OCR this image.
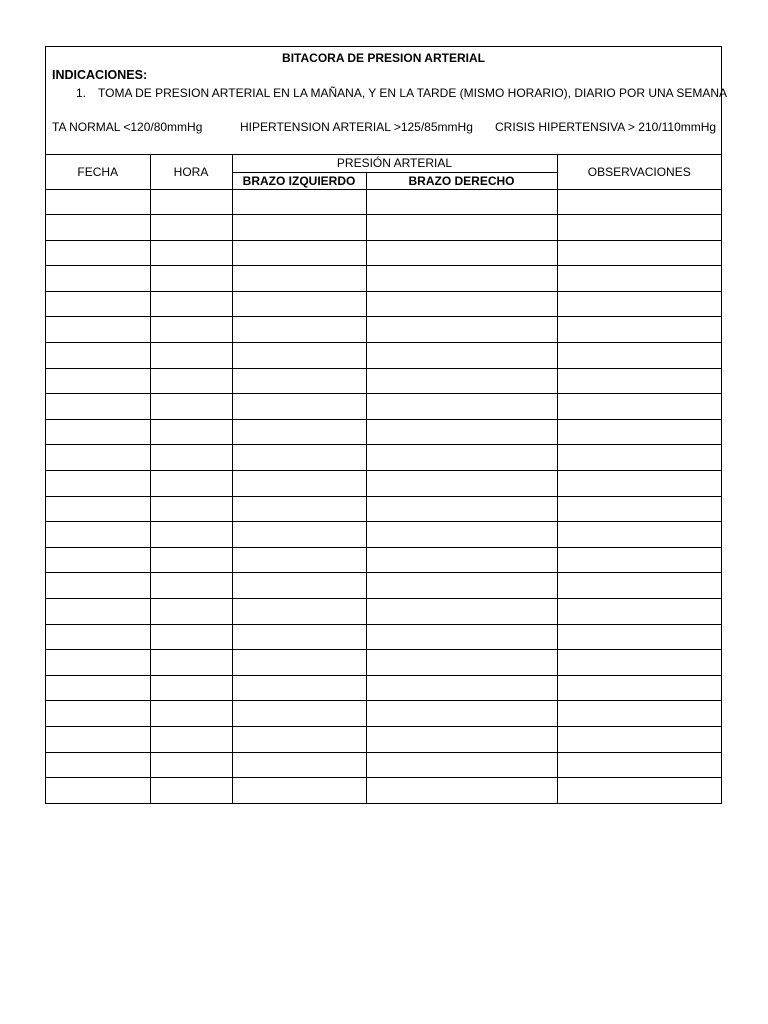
BITACORA DE PRESION ARTERIAL
INDICACIONES:
1. TOMA DE PRESION ARTERIAL EN LA MAÑANA, Y EN LA TARDE (MISMO HORARIO), DIARIO POR UNA SEMANA
TA NORMAL <120/80mmHg	HIPERTENSION ARTERIAL >125/85mmHg CRISIS HIPERTENSIVA > 210/110mmHg
FECHA	HORA	PRESIÓN ARTERIAL		OBSERVACIONES
		BRAZO IZQUIERDO	BRAZO DERECHO	
